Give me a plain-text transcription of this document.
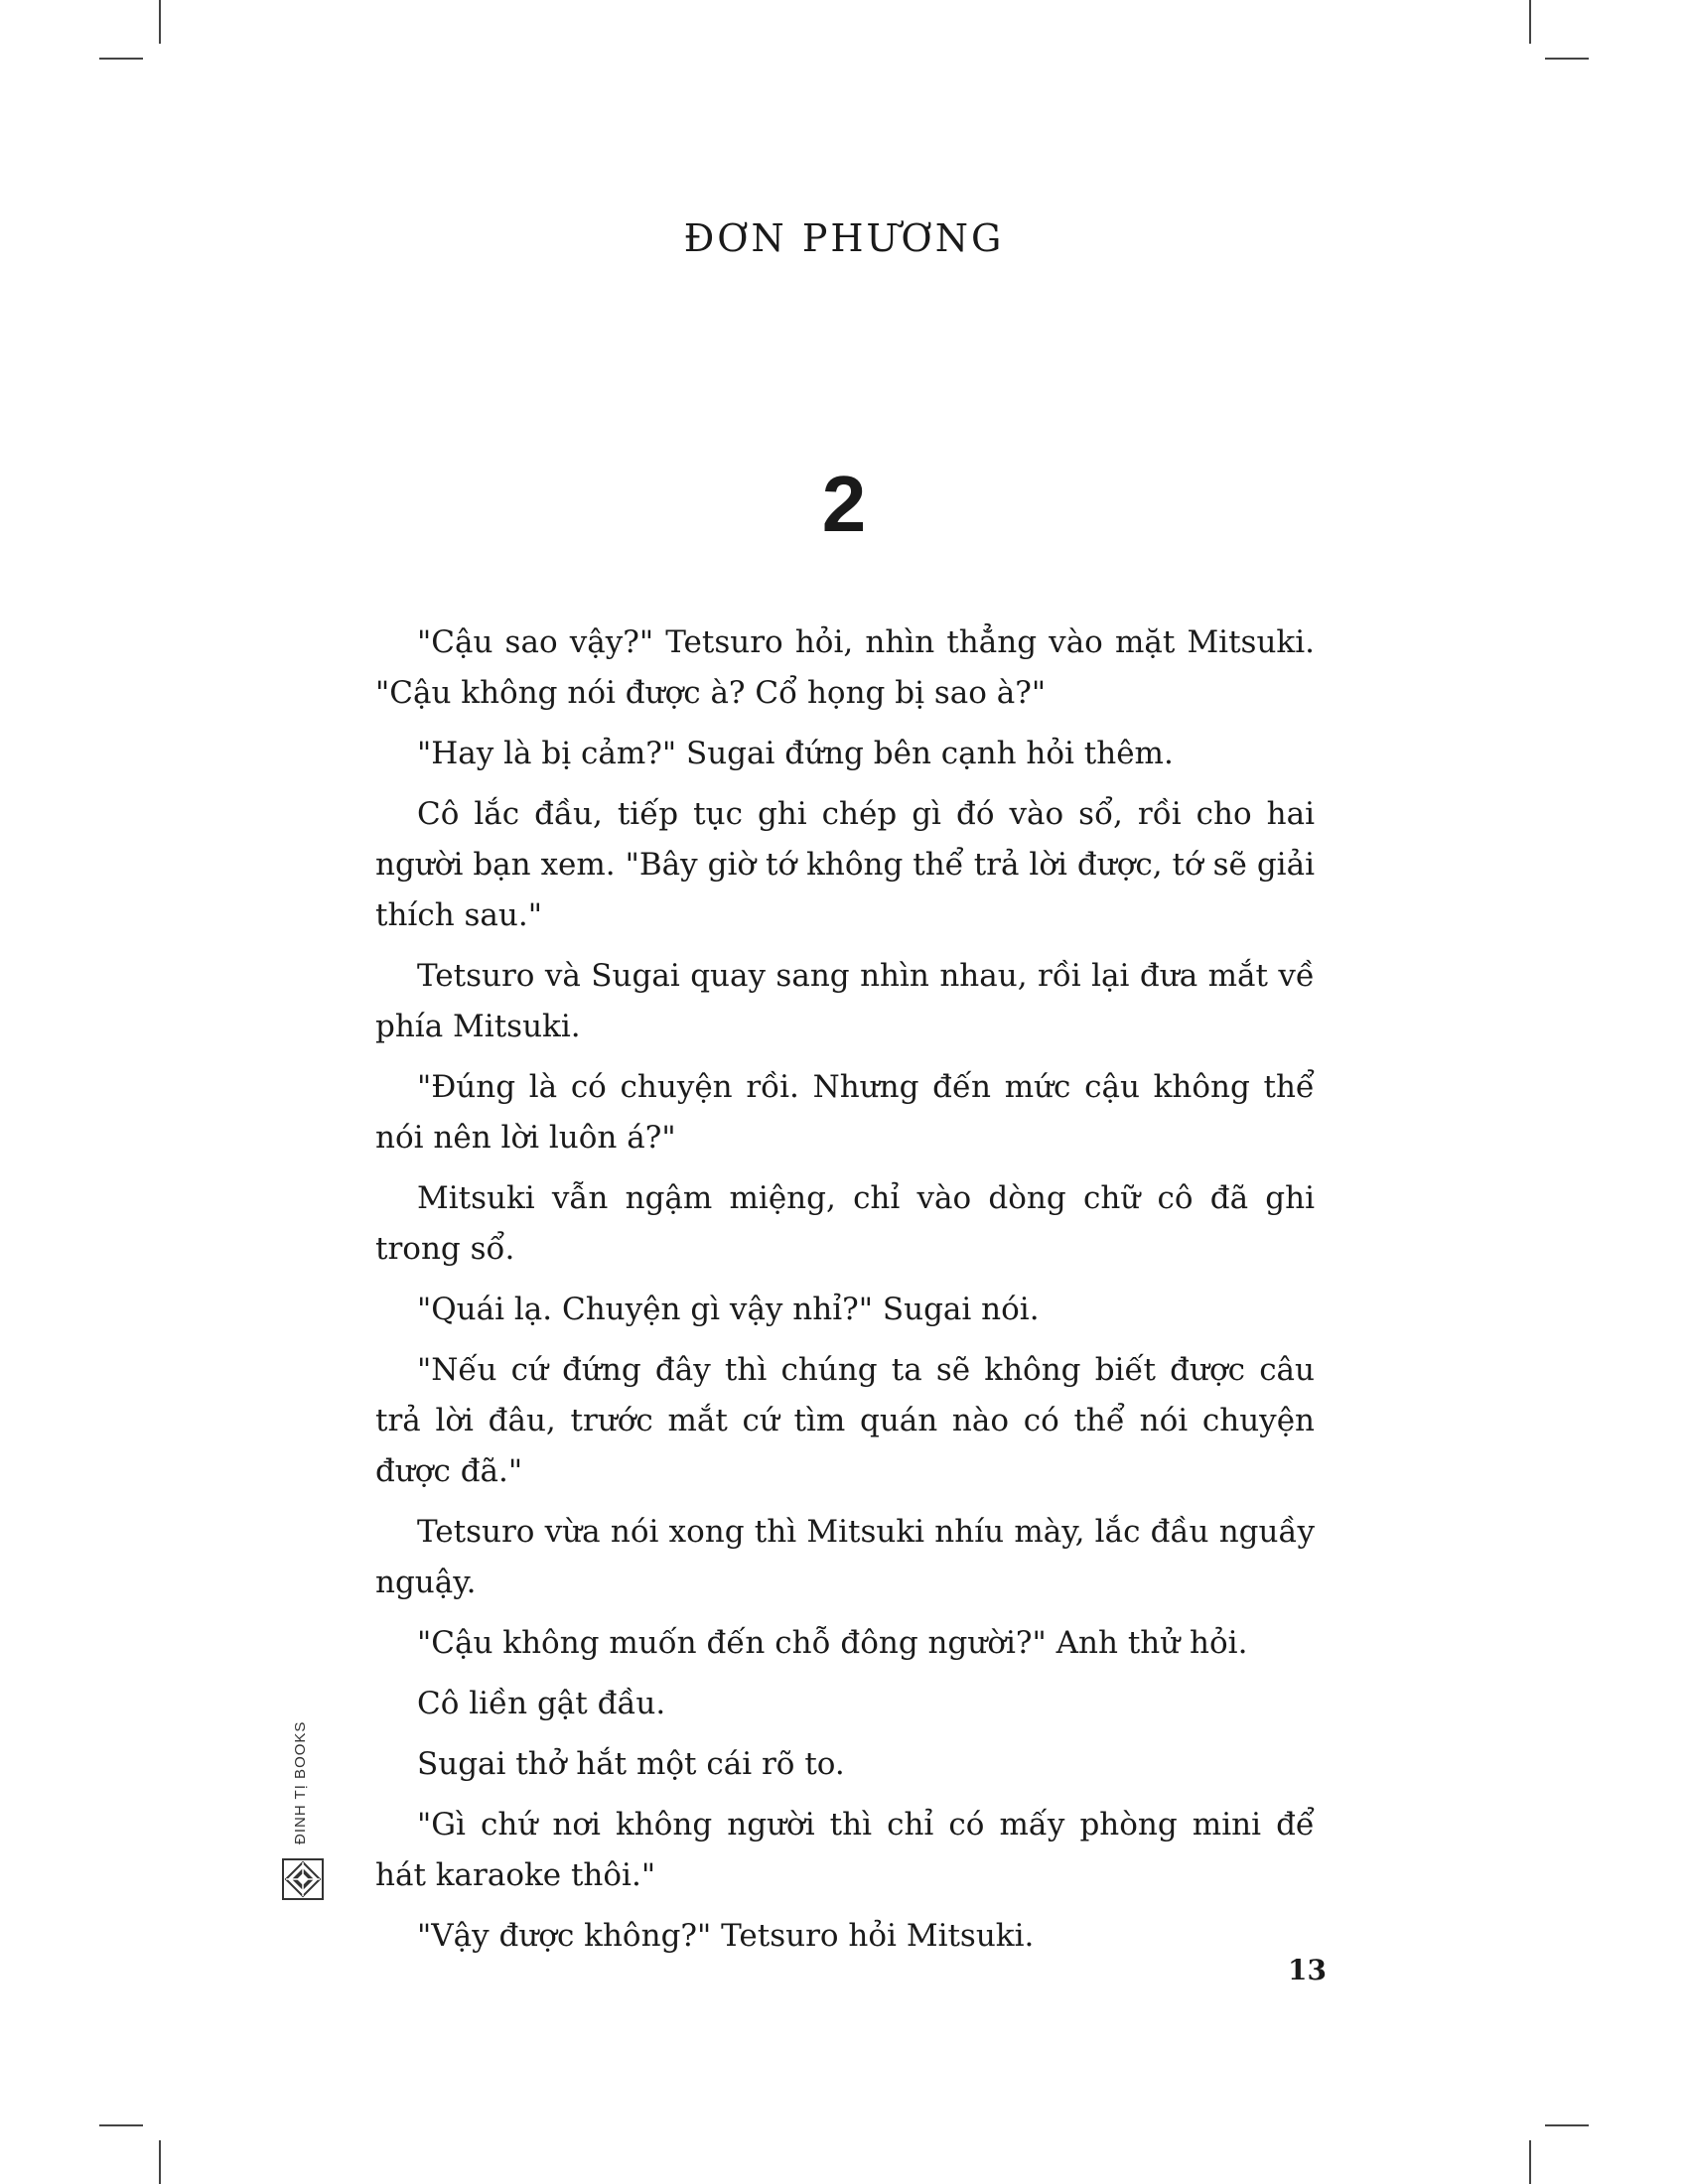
ĐƠN PHƯƠNG
2

"Cậu sao vậy?" Tetsuro hỏi, nhìn thẳng vào mặt Mitsuki. "Cậu không nói được à? Cổ họng bị sao à?"

"Hay là bị cảm?" Sugai đứng bên cạnh hỏi thêm.

Cô lắc đầu, tiếp tục ghi chép gì đó vào sổ, rồi cho hai người bạn xem. "Bây giờ tớ không thể trả lời được, tớ sẽ giải thích sau."

Tetsuro và Sugai quay sang nhìn nhau, rồi lại đưa mắt về phía Mitsuki.

"Đúng là có chuyện rồi. Nhưng đến mức cậu không thể nói nên lời luôn á?"

Mitsuki vẫn ngậm miệng, chỉ vào dòng chữ cô đã ghi trong sổ.

"Quái lạ. Chuyện gì vậy nhỉ?" Sugai nói.

"Nếu cứ đứng đây thì chúng ta sẽ không biết được câu trả lời đâu, trước mắt cứ tìm quán nào có thể nói chuyện được đã."

Tetsuro vừa nói xong thì Mitsuki nhíu mày, lắc đầu nguầy nguậy.

"Cậu không muốn đến chỗ đông người?" Anh thử hỏi.

Cô liền gật đầu.

Sugai thở hắt một cái rõ to.

"Gì chứ nơi không người thì chỉ có mấy phòng mini để hát karaoke thôi."

"Vậy được không?" Tetsuro hỏi Mitsuki.

ĐINH TỊ BOOKS
13
